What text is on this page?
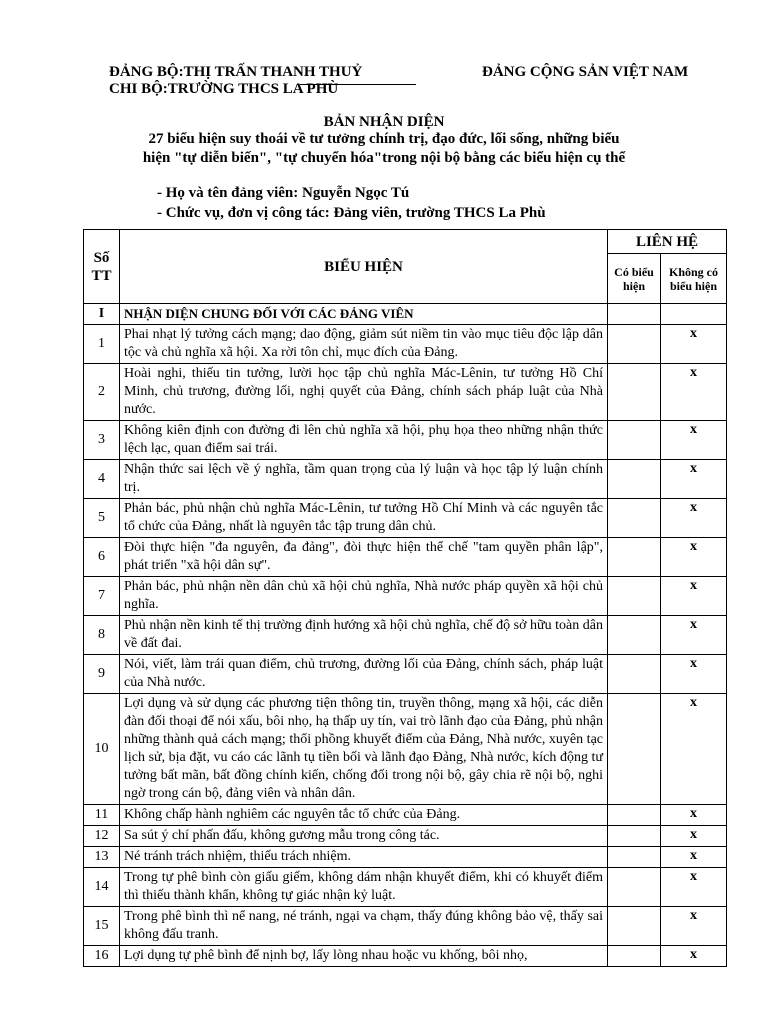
ĐẢNG BỘ:THỊ TRẤN THANH THUỶ
CHI BỘ:TRƯỜNG THCS LA PHÙ
ĐẢNG CỘNG SẢN VIỆT NAM
BẢN NHẬN DIỆN
27 biểu hiện suy thoái về tư tưởng chính trị, đạo đức, lối sống, những biểu
hiện "tự diễn biến", "tự chuyển hóa"trong nội bộ bằng các biểu hiện cụ thể
- Họ và tên đảng viên: Nguyễn Ngọc Tú
- Chức vụ, đơn vị công tác: Đảng viên, trường THCS La Phù
Số TT	BIỂU HIỆN	LIÊN HỆ	
		Có biểu hiện	Không có biểu hiện
I	NHẬN DIỆN CHUNG ĐỐI VỚI CÁC ĐẢNG VIÊN		
1	Phai nhạt lý tưởng cách mạng; dao động, giảm sút niềm tin vào mục tiêu độc lập dân tộc và chủ nghĩa xã hội. Xa rời tôn chỉ, mục đích của Đảng.		x
2	Hoài nghi, thiếu tin tưởng, lười học tập chủ nghĩa Mác-Lênin, tư tưởng Hồ Chí Minh, chủ trương, đường lối, nghị quyết của Đảng, chính sách pháp luật của Nhà nước.		x
3	Không kiên định con đường đi lên chủ nghĩa xã hội, phụ họa theo những nhận thức lệch lạc, quan điểm sai trái.		x
4	Nhận thức sai lệch về ý nghĩa, tầm quan trọng của lý luận và học tập lý luận chính trị.		x
5	Phản bác, phủ nhận chủ nghĩa Mác-Lênin, tư tưởng Hồ Chí Minh và các nguyên tắc tổ chức của Đảng, nhất là nguyên tắc tập trung dân chủ.		x
6	Đòi thực hiện "đa nguyên, đa đảng", đòi thực hiện thể chế "tam quyền phân lập", phát triển "xã hội dân sự".		x
7	Phản bác, phủ nhận nền dân chủ xã hội chủ nghĩa, Nhà nước pháp quyền xã hội chủ nghĩa.		x
8	Phủ nhận nền kinh tế thị trường định hướng xã hội chủ nghĩa, chế độ sở hữu toàn dân về đất đai.		x
9	Nói, viết, làm trái quan điểm, chủ trương, đường lối của Đảng, chính sách, pháp luật của Nhà nước.		x
10	Lợi dụng và sử dụng các phương tiện thông tin, truyền thông, mạng xã hội, các diễn đàn đối thoại để nói xấu, bôi nhọ, hạ thấp uy tín, vai trò lãnh đạo của Đảng, phủ nhận những thành quả cách mạng; thổi phồng khuyết điểm của Đảng, Nhà nước, xuyên tạc lịch sử, bịa đặt, vu cáo các lãnh tụ tiền bối và lãnh đạo Đảng, Nhà nước, kích động tư tưởng bất mãn, bất đồng chính kiến, chống đối trong nội bộ, gây chia rẽ nội bộ, nghi ngờ trong cán bộ, đảng viên và nhân dân.		x
11	Không chấp hành nghiêm các nguyên tắc tổ chức của Đảng.		x
12	Sa sút ý chí phấn đấu, không gương mẫu trong công tác.		x
13	Né tránh trách nhiệm, thiếu trách nhiệm.		x
14	Trong tự phê bình còn giấu giếm, không dám nhận khuyết điểm, khi có khuyết điểm thì thiếu thành khẩn, không tự giác nhận kỷ luật.		x
15	Trong phê bình thì nể nang, né tránh, ngại va chạm, thấy đúng không bảo vệ, thấy sai không đấu tranh.		x
16	Lợi dụng tự phê bình để nịnh bợ, lấy lòng nhau hoặc vu khống, bôi nhọ,		x
